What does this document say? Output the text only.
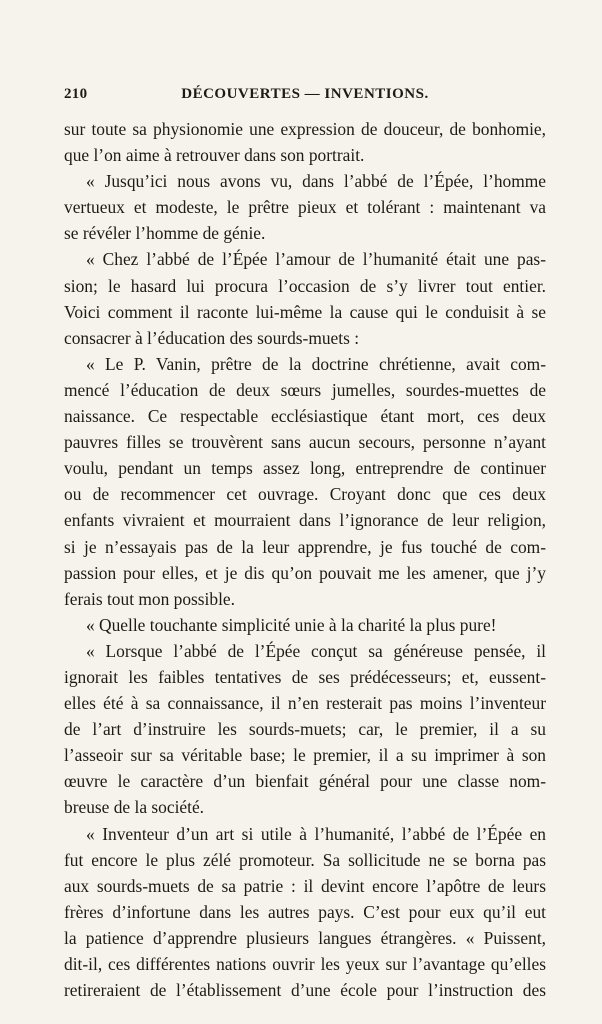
210	DÉCOUVERTES — INVENTIONS.
sur toute sa physionomie une expression de douceur, de bonhomie,
que l’on aime à retrouver dans son portrait.
« Jusqu’ici nous avons vu, dans l’abbé de l’Épée, l’homme
vertueux et modeste, le prêtre pieux et tolérant : maintenant va
se révéler l’homme de génie.
« Chez l’abbé de l’Épée l’amour de l’humanité était une pas-
sion; le hasard lui procura l’occasion de s’y livrer tout entier.
Voici comment il raconte lui-même la cause qui le conduisit à se
consacrer à l’éducation des sourds-muets :
« Le P. Vanin, prêtre de la doctrine chrétienne, avait com-
mencé l’éducation de deux sœurs jumelles, sourdes-muettes de
naissance. Ce respectable ecclésiastique étant mort, ces deux
pauvres filles se trouvèrent sans aucun secours, personne n’ayant
voulu, pendant un temps assez long, entreprendre de continuer
ou de recommencer cet ouvrage. Croyant donc que ces deux
enfants vivraient et mourraient dans l’ignorance de leur religion,
si je n’essayais pas de la leur apprendre, je fus touché de com-
passion pour elles, et je dis qu’on pouvait me les amener, que j’y
ferais tout mon possible.
« Quelle touchante simplicité unie à la charité la plus pure!
« Lorsque l’abbé de l’Épée conçut sa généreuse pensée, il
ignorait les faibles tentatives de ses prédécesseurs; et, eussent-
elles été à sa connaissance, il n’en resterait pas moins l’inventeur
de l’art d’instruire les sourds-muets; car, le premier, il a su
l’asseoir sur sa véritable base; le premier, il a su imprimer à son
œuvre le caractère d’un bienfait général pour une classe nom-
breuse de la société.
« Inventeur d’un art si utile à l’humanité, l’abbé de l’Épée en
fut encore le plus zélé promoteur. Sa sollicitude ne se borna pas
aux sourds-muets de sa patrie : il devint encore l’apôtre de leurs
frères d’infortune dans les autres pays. C’est pour eux qu’il eut
la patience d’apprendre plusieurs langues étrangères. « Puissent,
dit-il, ces différentes nations ouvrir les yeux sur l’avantage qu’elles
retireraient de l’établissement d’une école pour l’instruction des
